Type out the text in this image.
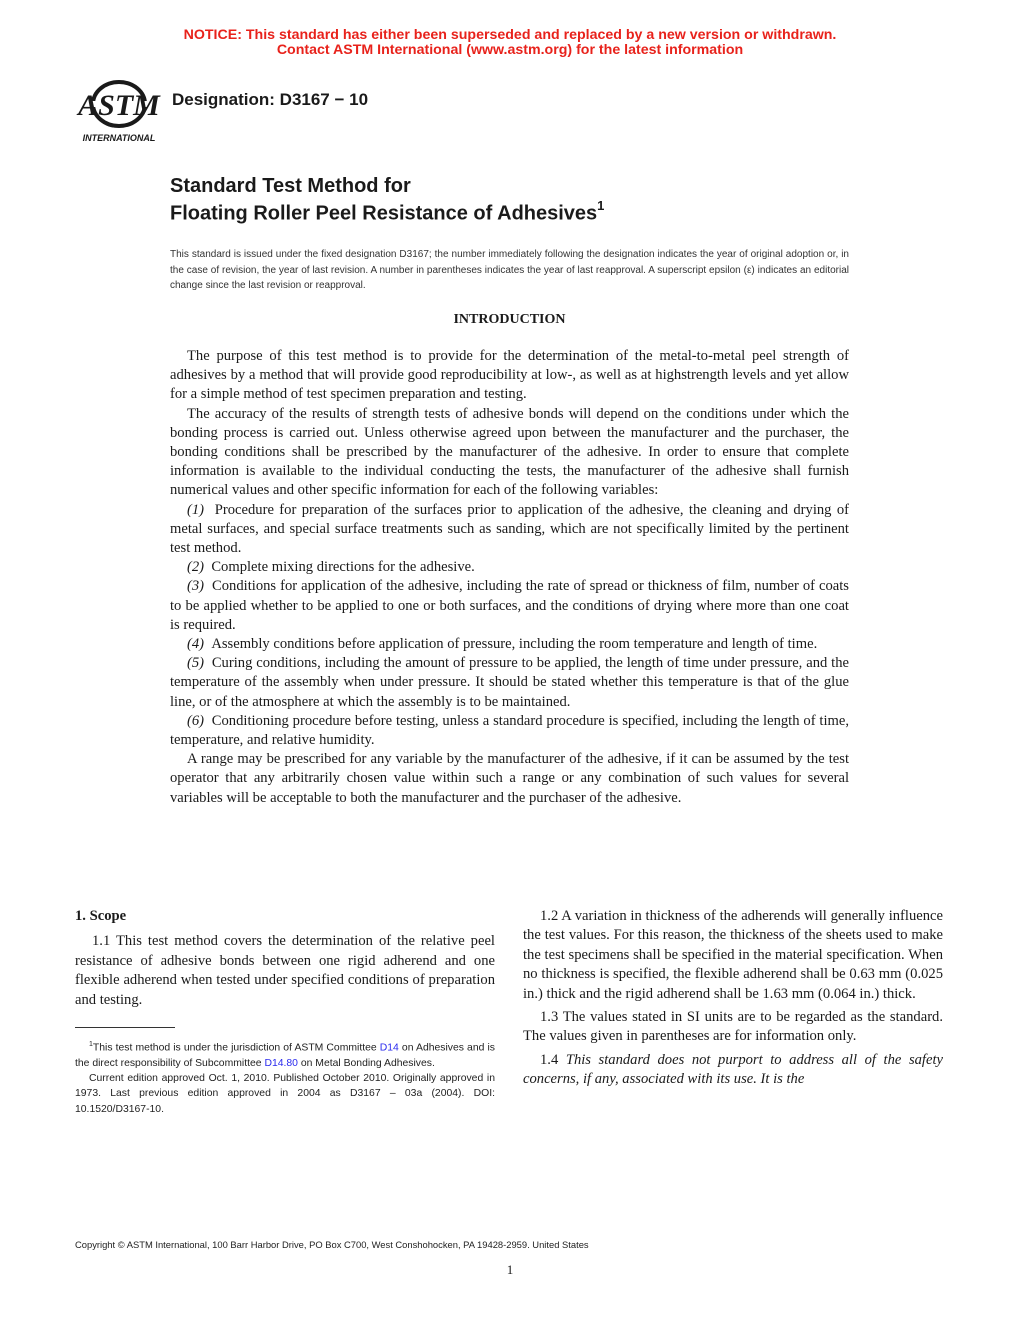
NOTICE: This standard has either been superseded and replaced by a new version or withdrawn.
Contact ASTM International (www.astm.org) for the latest information
ASTM
INTERNATIONAL
Designation: D3167 − 10
Standard Test Method for
Floating Roller Peel Resistance of Adhesives$^1$
This standard is issued under the fixed designation D3167; the number immediately following the designation indicates the year of original adoption or, in the case of revision, the year of last revision. A number in parentheses indicates the year of last reapproval. A superscript epsilon (ε) indicates an editorial change since the last revision or reapproval.
INTRODUCTION

The purpose of this test method is to provide for the determination of the metal-to-metal peel strength of adhesives by a method that will provide good reproducibility at low-, as well as at highstrength levels and yet allow for a simple method of test specimen preparation and testing.

The accuracy of the results of strength tests of adhesive bonds will depend on the conditions under which the bonding process is carried out. Unless otherwise agreed upon between the manufacturer and the purchaser, the bonding conditions shall be prescribed by the manufacturer of the adhesive. In order to ensure that complete information is available to the individual conducting the tests, the manufacturer of the adhesive shall furnish numerical values and other specific information for each of the following variables:

(1) Procedure for preparation of the surfaces prior to application of the adhesive, the cleaning and drying of metal surfaces, and special surface treatments such as sanding, which are not specifically limited by the pertinent test method.

(2) Complete mixing directions for the adhesive.

(3) Conditions for application of the adhesive, including the rate of spread or thickness of film, number of coats to be applied whether to be applied to one or both surfaces, and the conditions of drying where more than one coat is required.

(4) Assembly conditions before application of pressure, including the room temperature and length of time.

(5) Curing conditions, including the amount of pressure to be applied, the length of time under pressure, and the temperature of the assembly when under pressure. It should be stated whether this temperature is that of the glue line, or of the atmosphere at which the assembly is to be maintained.

(6) Conditioning procedure before testing, unless a standard procedure is specified, including the length of time, temperature, and relative humidity.

A range may be prescribed for any variable by the manufacturer of the adhesive, if it can be assumed by the test operator that any arbitrarily chosen value within such a range or any combination of such values for several variables will be acceptable to both the manufacturer and the purchaser of the adhesive.

1. Scope

1.1 This test method covers the determination of the relative peel resistance of adhesive bonds between one rigid adherend and one flexible adherend when tested under specified conditions of preparation and testing.

$^1$This test method is under the jurisdiction of ASTM Committee D14 on Adhesives and is the direct responsibility of Subcommittee D14.80 on Metal Bonding Adhesives.

Current edition approved Oct. 1, 2010. Published October 2010. Originally approved in 1973. Last previous edition approved in 2004 as D3167 – 03a (2004). DOI: 10.1520/D3167-10.

1.2 A variation in thickness of the adherends will generally influence the test values. For this reason, the thickness of the sheets used to make the test specimens shall be specified in the material specification. When no thickness is specified, the flexible adherend shall be 0.63 mm (0.025 in.) thick and the rigid adherend shall be 1.63 mm (0.064 in.) thick.

1.3 The values stated in SI units are to be regarded as the standard. The values given in parentheses are for information only.

1.4 This standard does not purport to address all of the safety concerns, if any, associated with its use. It is the

Copyright © ASTM International, 100 Barr Harbor Drive, PO Box C700, West Conshohocken, PA 19428-2959. United States
1
